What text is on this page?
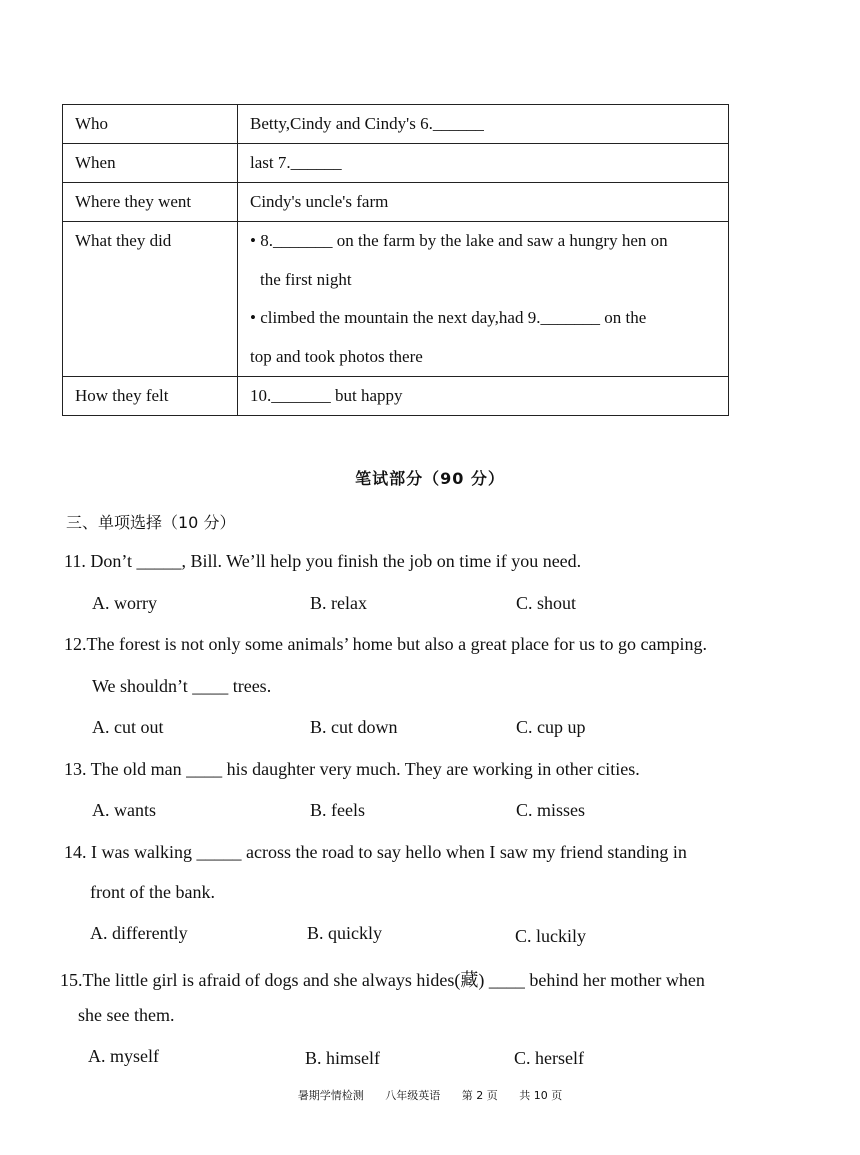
Who	Betty,Cindy and Cindy's 6.______
When	last 7.______
Where they went	Cindy's uncle's farm
What they did	• 8._______ on the farm by the lake and saw a hungry hen on
the first night
• climbed the mountain the next day,had 9._______ on the
top and took photos there

How they felt	10._______ but happy
笔试部分（90 分）
三、单项选择（10 分）
11. Don’t _____, Bill. We’ll help you finish the job on time if you need.
A. worry	B. relax	C. shout
12.The forest is not only some animals’ home but also a great place for us to go camping.
We shouldn’t ____ trees.
A. cut out	B. cut down	C. cup up
13. The old man ____ his daughter very much. They are working in other cities.
A. wants	B. feels	C. misses
14. I was walking _____ across the road to say hello when I saw my friend standing in
front of the bank.
A. differently	B. quickly	C. luckily
15.The little girl is afraid of dogs and she always hides(藏) ____ behind her mother when
she see them.
A. myself	B. himself	C. herself
暑期学情检测 八年级英语 第 2 页 共 10 页
